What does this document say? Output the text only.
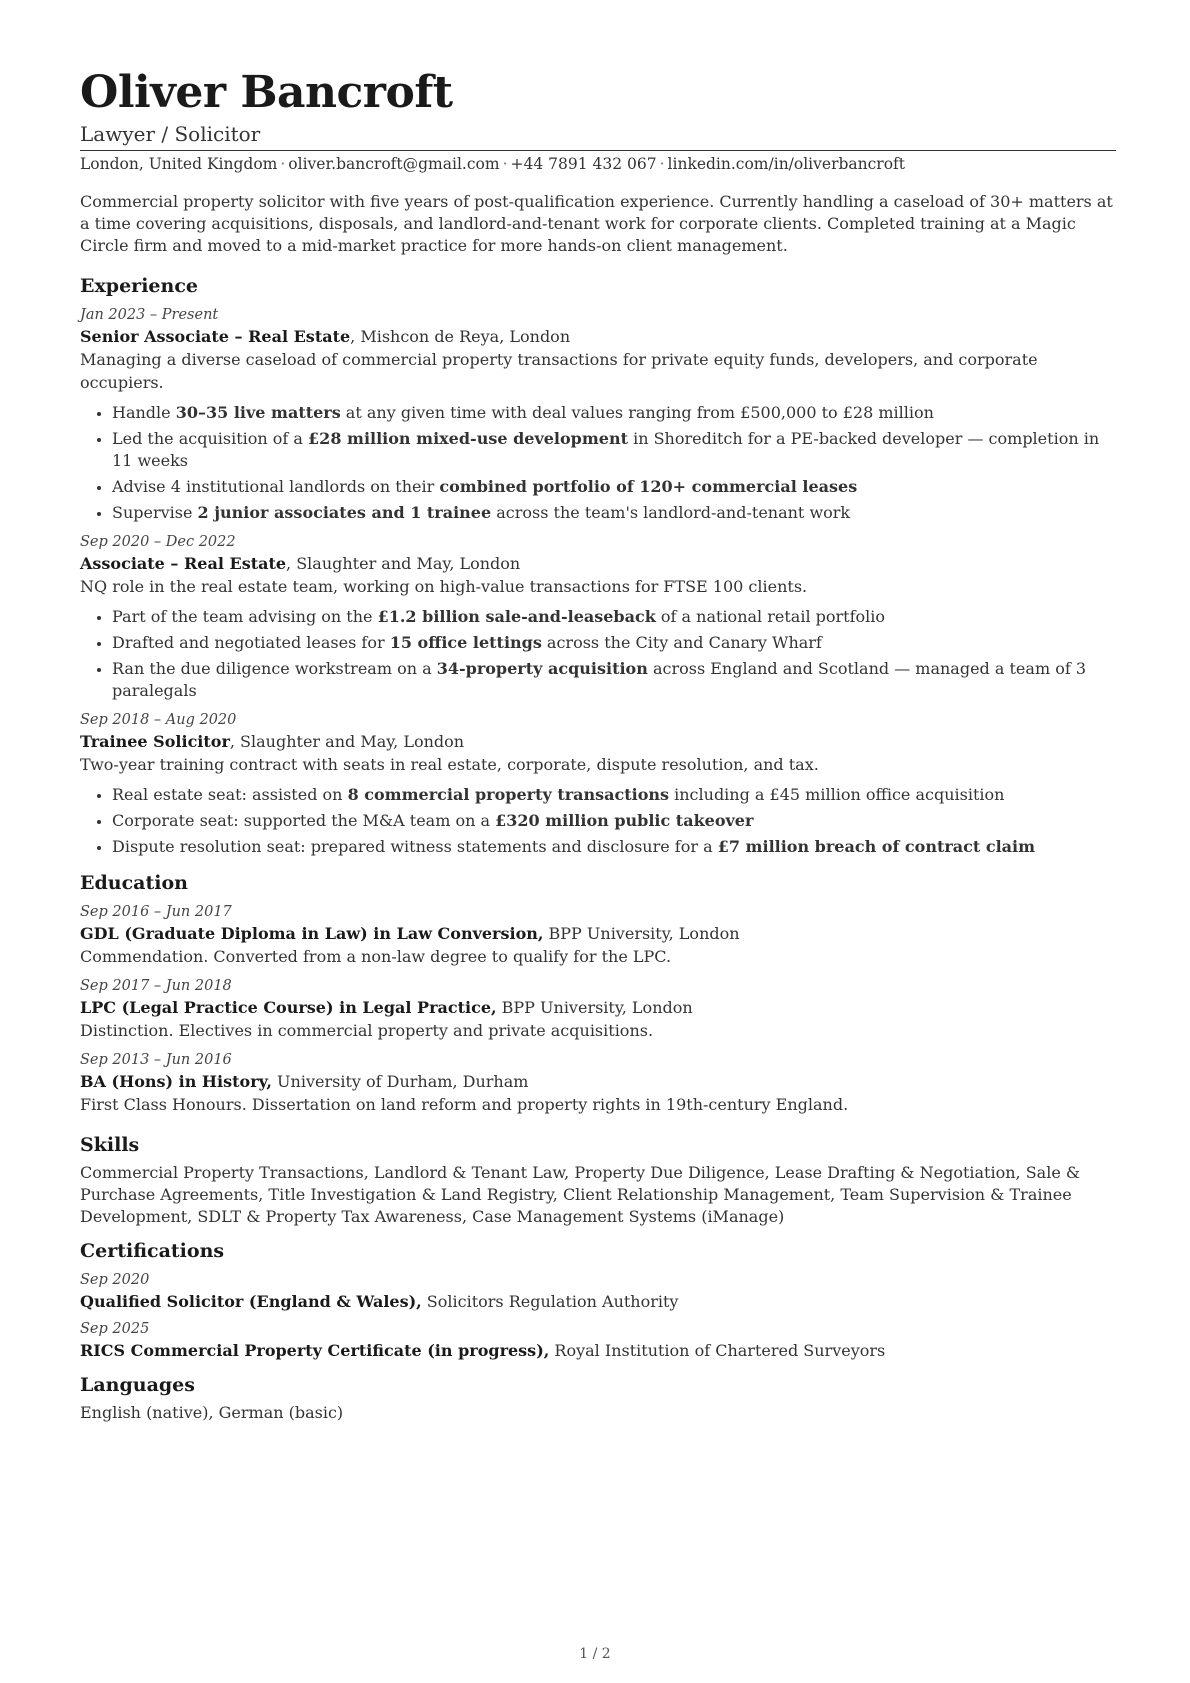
Oliver Bancroft
Lawyer / Solicitor
London, United Kingdom · oliver.bancroft@gmail.com · +44 7891 432 067 · linkedin.com/in/oliverbancroft
Commercial property solicitor with five years of post-qualification experience. Currently handling a caseload of 30+ matters at a time covering acquisitions, disposals, and landlord-and-tenant work for corporate clients. Completed training at a Magic Circle firm and moved to a mid-market practice for more hands-on client management.
Experience
Jan 2023 – Present
Senior Associate – Real Estate, Mishcon de Reya, London
Managing a diverse caseload of commercial property transactions for private equity funds, developers, and corporate occupiers.
• Handle 30–35 live matters at any given time with deal values ranging from £500,000 to £28 million
• Led the acquisition of a £28 million mixed-use development in Shoreditch for a PE-backed developer — completion in 11 weeks
• Advise 4 institutional landlords on their combined portfolio of 120+ commercial leases
• Supervise 2 junior associates and 1 trainee across the team's landlord-and-tenant work
Sep 2020 – Dec 2022
Associate – Real Estate, Slaughter and May, London
NQ role in the real estate team, working on high-value transactions for FTSE 100 clients.
• Part of the team advising on the £1.2 billion sale-and-leaseback of a national retail portfolio
• Drafted and negotiated leases for 15 office lettings across the City and Canary Wharf
• Ran the due diligence workstream on a 34-property acquisition across England and Scotland — managed a team of 3 paralegals
Sep 2018 – Aug 2020
Trainee Solicitor, Slaughter and May, London
Two-year training contract with seats in real estate, corporate, dispute resolution, and tax.
• Real estate seat: assisted on 8 commercial property transactions including a £45 million office acquisition
• Corporate seat: supported the M&A team on a £320 million public takeover
• Dispute resolution seat: prepared witness statements and disclosure for a £7 million breach of contract claim
Education
Sep 2016 – Jun 2017
GDL (Graduate Diploma in Law) in Law Conversion, BPP University, London
Commendation. Converted from a non-law degree to qualify for the LPC.
Sep 2017 – Jun 2018
LPC (Legal Practice Course) in Legal Practice, BPP University, London
Distinction. Electives in commercial property and private acquisitions.
Sep 2013 – Jun 2016
BA (Hons) in History, University of Durham, Durham
First Class Honours. Dissertation on land reform and property rights in 19th-century England.
Skills
Commercial Property Transactions, Landlord & Tenant Law, Property Due Diligence, Lease Drafting & Negotiation, Sale & Purchase Agreements, Title Investigation & Land Registry, Client Relationship Management, Team Supervision & Trainee Development, SDLT & Property Tax Awareness, Case Management Systems (iManage)
Certifications
Sep 2020
Qualified Solicitor (England & Wales), Solicitors Regulation Authority
Sep 2025
RICS Commercial Property Certificate (in progress), Royal Institution of Chartered Surveyors
Languages
English (native), German (basic)
1 / 2
